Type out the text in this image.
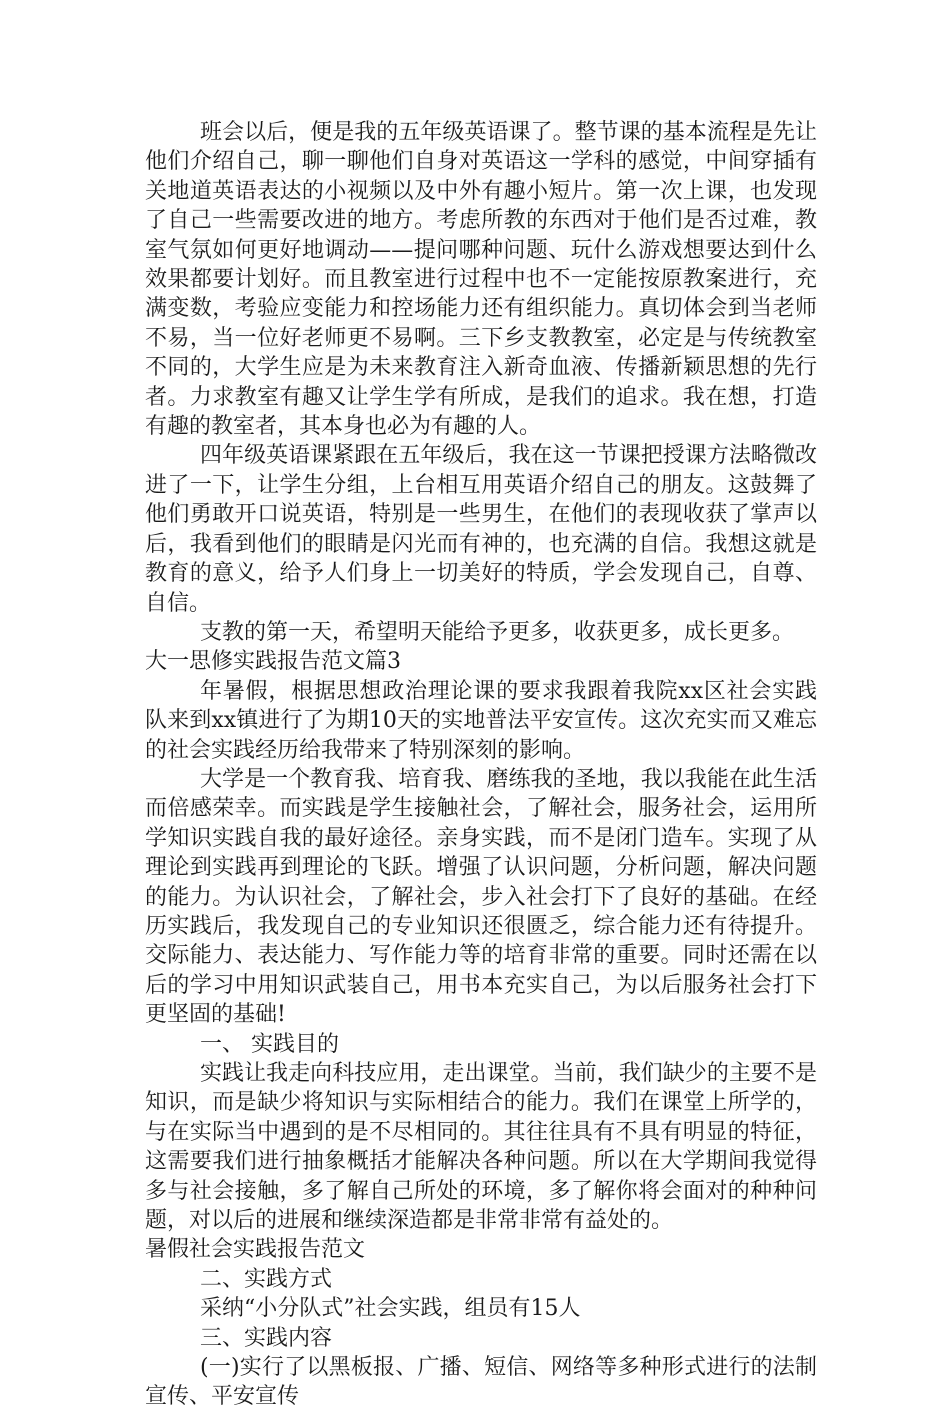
班会以后，便是我的五年级英语课了。整节课的基本流程是先让他们介绍自己，聊一聊他们自身对英语这一学科的感觉，中间穿插有关地道英语表达的小视频以及中外有趣小短片。第一次上课，也发现了自己一些需要改进的地方。考虑所教的东西对于他们是否过难，教室气氛如何更好地调动——提问哪种问题、玩什么游戏想要达到什么效果都要计划好。而且教室进行过程中也不一定能按原教案进行，充满变数，考验应变能力和控场能力还有组织能力。真切体会到当老师不易，当一位好老师更不易啊。三下乡支教教室，必定是与传统教室不同的，大学生应是为未来教育注入新奇血液、传播新颖思想的先行者。力求教室有趣又让学生学有所成，是我们的追求。我在想，打造有趣的教室者，其本身也必为有趣的人。

四年级英语课紧跟在五年级后，我在这一节课把授课方法略微改进了一下，让学生分组，上台相互用英语介绍自己的朋友。这鼓舞了他们勇敢开口说英语，特别是一些男生，在他们的表现收获了掌声以后，我看到他们的眼睛是闪光而有神的，也充满的自信。我想这就是教育的意义，给予人们身上一切美好的特质，学会发现自己，自尊、自信。

支教的第一天，希望明天能给予更多，收获更多，成长更多。

大一思修实践报告范文篇3

年暑假，根据思想政治理论课的要求我跟着我院xx区社会实践队来到xx镇进行了为期10天的实地普法平安宣传。这次充实而又难忘的社会实践经历给我带来了特别深刻的影响。

大学是一个教育我、培育我、磨练我的圣地，我以我能在此生活而倍感荣幸。而实践是学生接触社会，了解社会，服务社会，运用所学知识实践自我的最好途径。亲身实践，而不是闭门造车。实现了从理论到实践再到理论的飞跃。增强了认识问题，分析问题，解决问题的能力。为认识社会，了解社会，步入社会打下了良好的基础。在经历实践后，我发现自己的专业知识还很匮乏，综合能力还有待提升。交际能力、表达能力、写作能力等的培育非常的重要。同时还需在以后的学习中用知识武装自己，用书本充实自己，为以后服务社会打下更坚固的基础!

一、 实践目的

实践让我走向科技应用，走出课堂。当前，我们缺少的主要不是知识，而是缺少将知识与实际相结合的能力。我们在课堂上所学的，与在实际当中遇到的是不尽相同的。其往往具有不具有明显的特征，这需要我们进行抽象概括才能解决各种问题。所以在大学期间我觉得多与社会接触，多了解自己所处的环境，多了解你将会面对的种种问题，对以后的进展和继续深造都是非常非常有益处的。

暑假社会实践报告范文

二、实践方式

采纳“小分队式”社会实践，组员有15人

三、实践内容

(一)实行了以黑板报、广播、短信、网络等多种形式进行的法制宣传、平安宣传
